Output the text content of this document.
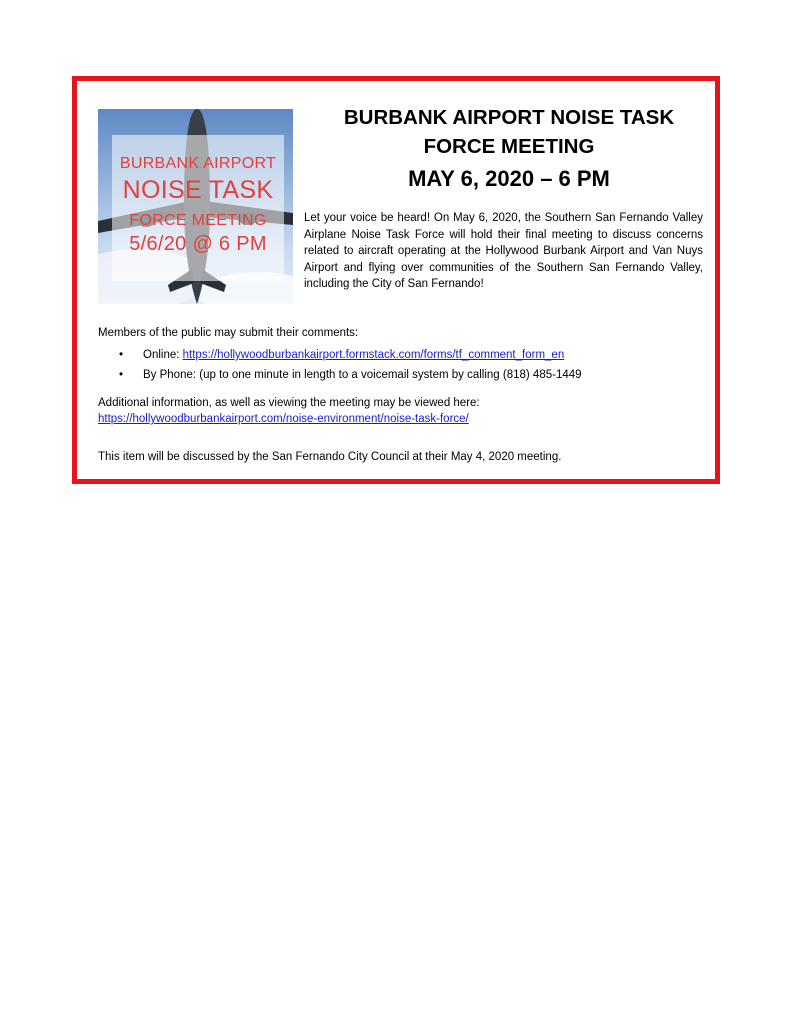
BURBANK AIRPORT
NOISE TASK
FORCE MEETING
5/6/20 @ 6 PM
BURBANK AIRPORT NOISE TASK
FORCE MEETING
MAY 6, 2020 – 6 PM
Let your voice be heard! On May 6, 2020, the Southern San Fernando Valley Airplane Noise Task Force will hold their final meeting to discuss concerns related to aircraft operating at the Hollywood Burbank Airport and Van Nuys Airport and flying over communities of the Southern San Fernando Valley, including the City of San Fernando!
Members of the public may submit their comments:
• Online: https://hollywoodburbankairport.formstack.com/forms/tf_comment_form_en
• By Phone: (up to one minute in length to a voicemail system by calling (818) 485-1449
Additional information, as well as viewing the meeting may be viewed here:
https://hollywoodburbankairport.com/noise-environment/noise-task-force/
This item will be discussed by the San Fernando City Council at their May 4, 2020 meeting.
